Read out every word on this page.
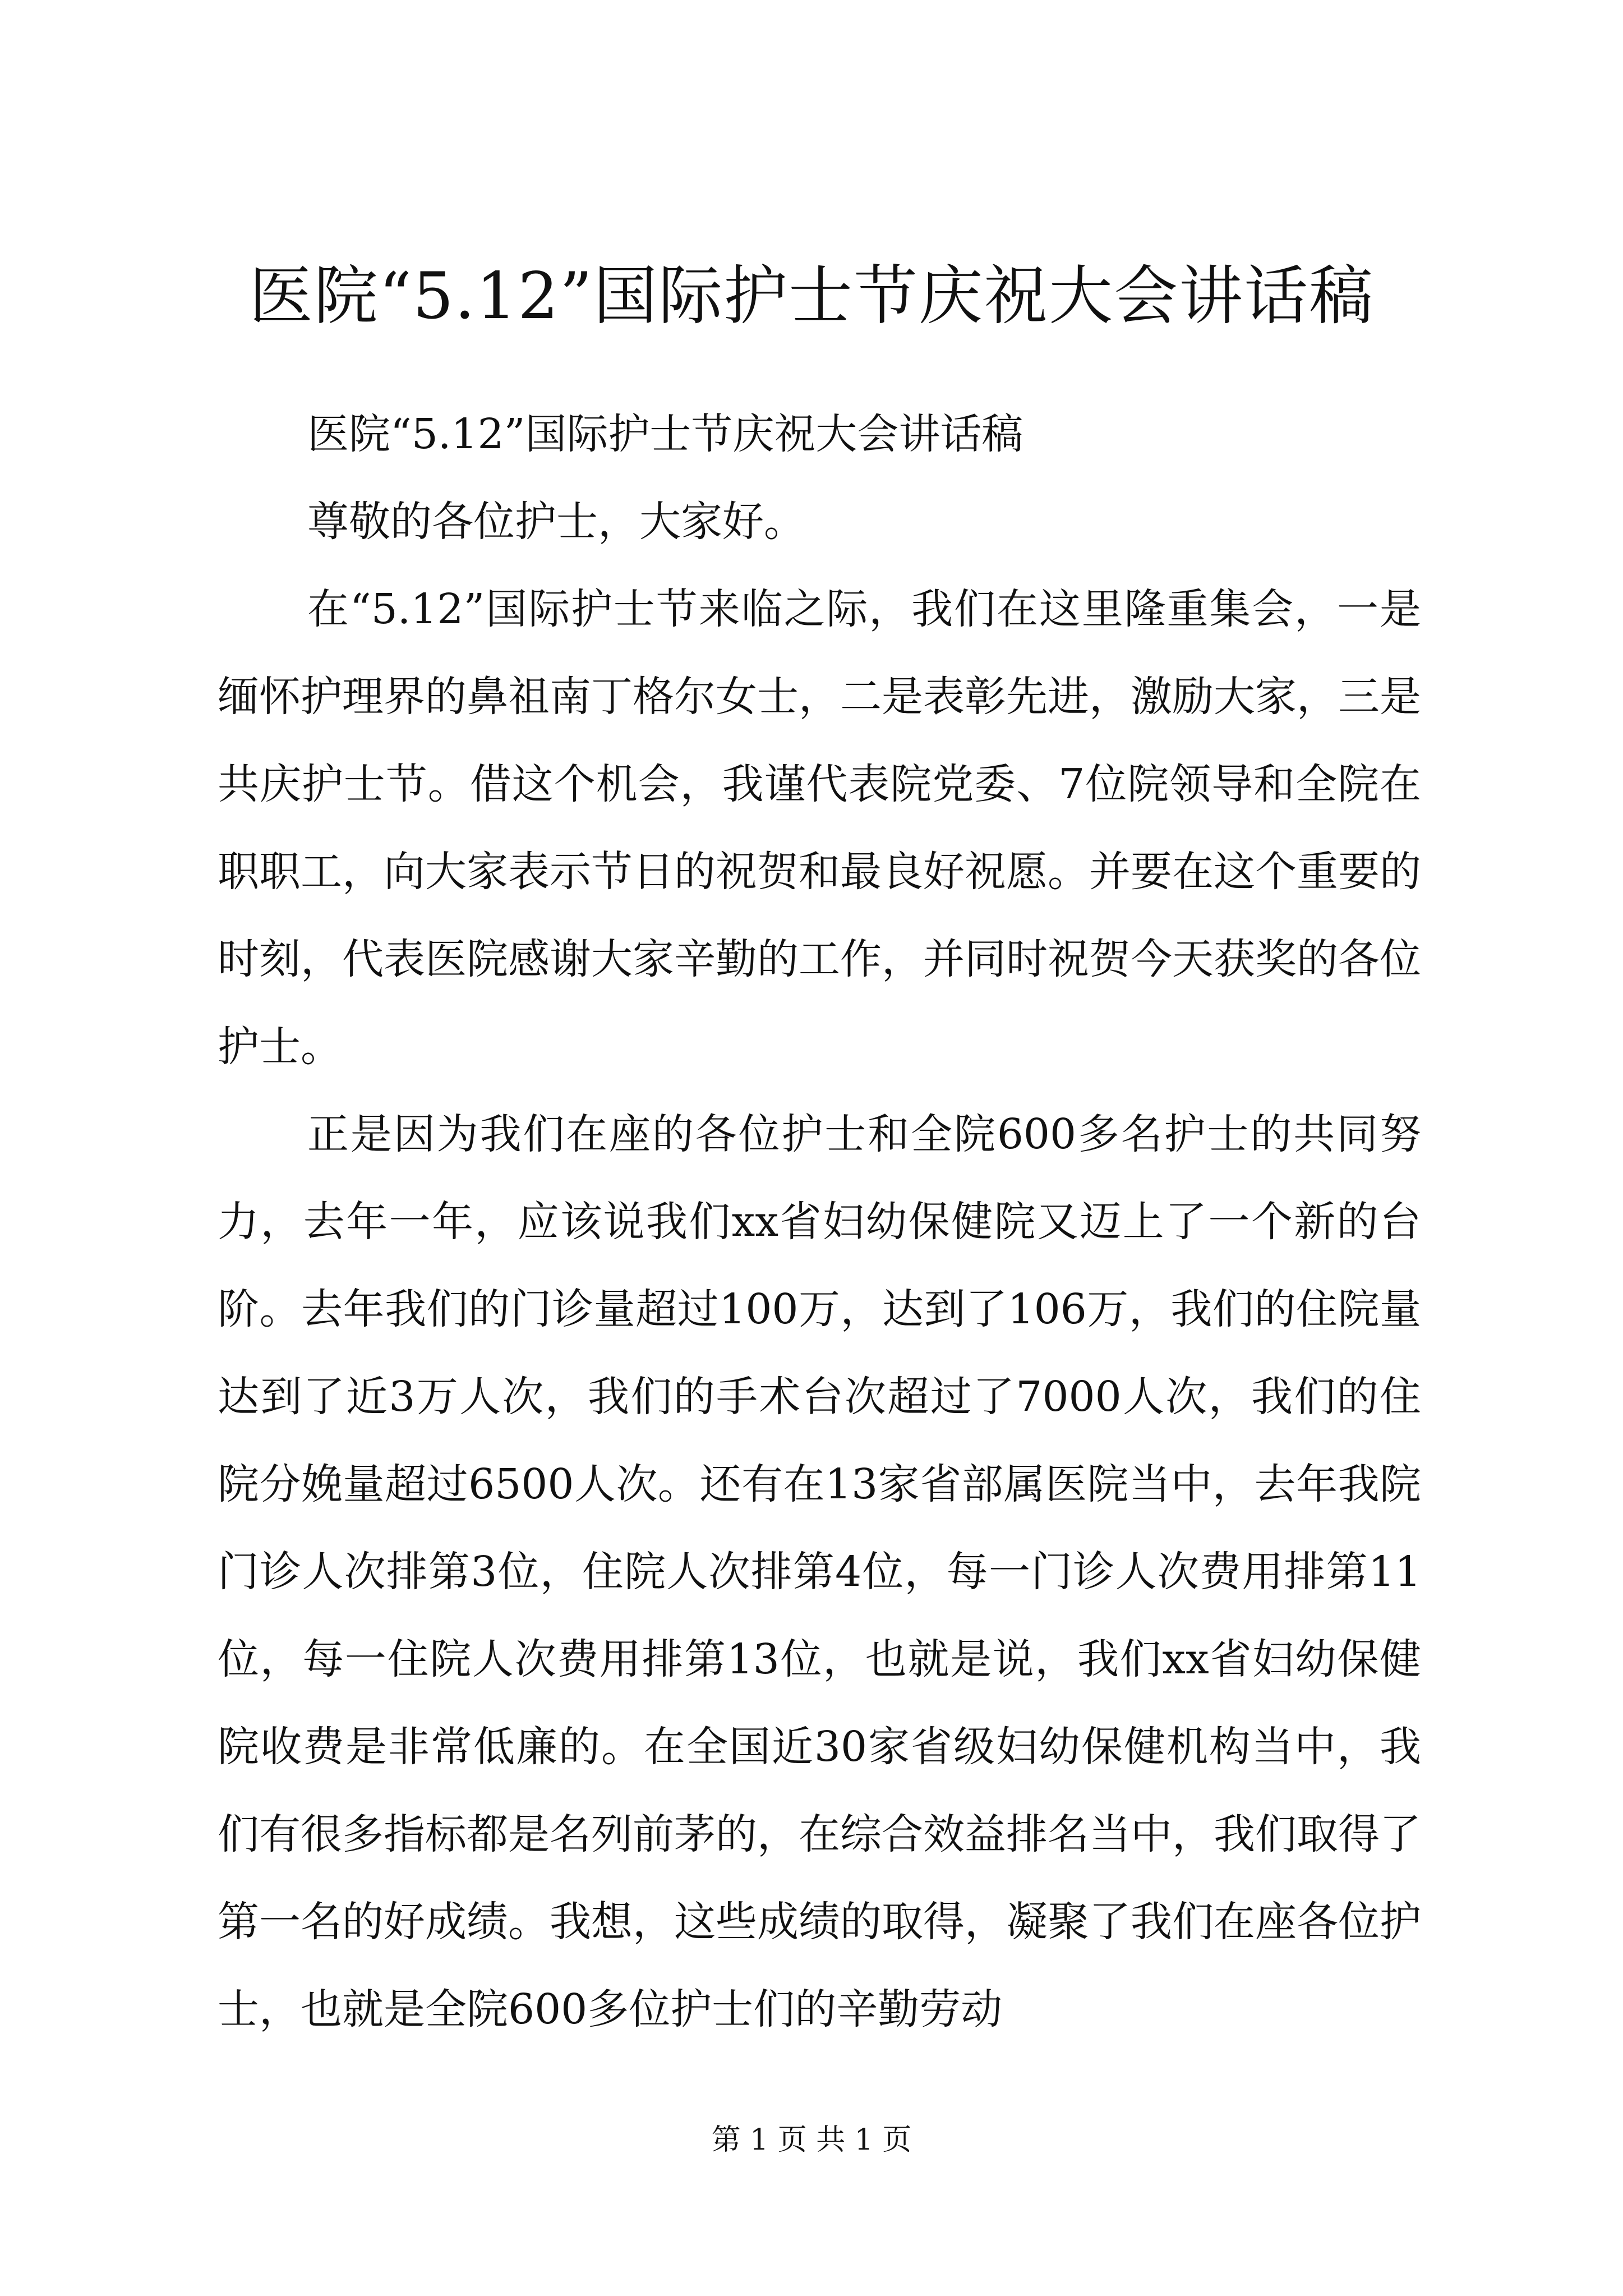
医院“5.12”国际护士节庆祝大会讲话稿

医院“5.12”国际护士节庆祝大会讲话稿

尊敬的各位护士，大家好。

在“5.12”国际护士节来临之际，我们在这里隆重集会，一是缅怀护理界的鼻祖南丁格尔女士，二是表彰先进，激励大家，三是共庆护士节。借这个机会，我谨代表院党委、7位院领导和全院在职职工，向大家表示节日的祝贺和最良好祝愿。并要在这个重要的时刻，代表医院感谢大家辛勤的工作，并同时祝贺今天获奖的各位护士。

正是因为我们在座的各位护士和全院600多名护士的共同努力，去年一年，应该说我们xx省妇幼保健院又迈上了一个新的台阶。去年我们的门诊量超过100万，达到了106万，我们的住院量达到了近3万人次，我们的手术台次超过了7000人次，我们的住院分娩量超过6500人次。还有在13家省部属医院当中，去年我院门诊人次排第3位，住院人次排第4位，每一门诊人次费用排第11位，每一住院人次费用排第13位，也就是说，我们xx省妇幼保健院收费是非常低廉的。在全国近30家省级妇幼保健机构当中，我们有很多指标都是名列前茅的，在综合效益排名当中，我们取得了第一名的好成绩。我想，这些成绩的取得，凝聚了我们在座各位护士，也就是全院600多位护士们的辛勤劳动

第 1 页 共 1 页
